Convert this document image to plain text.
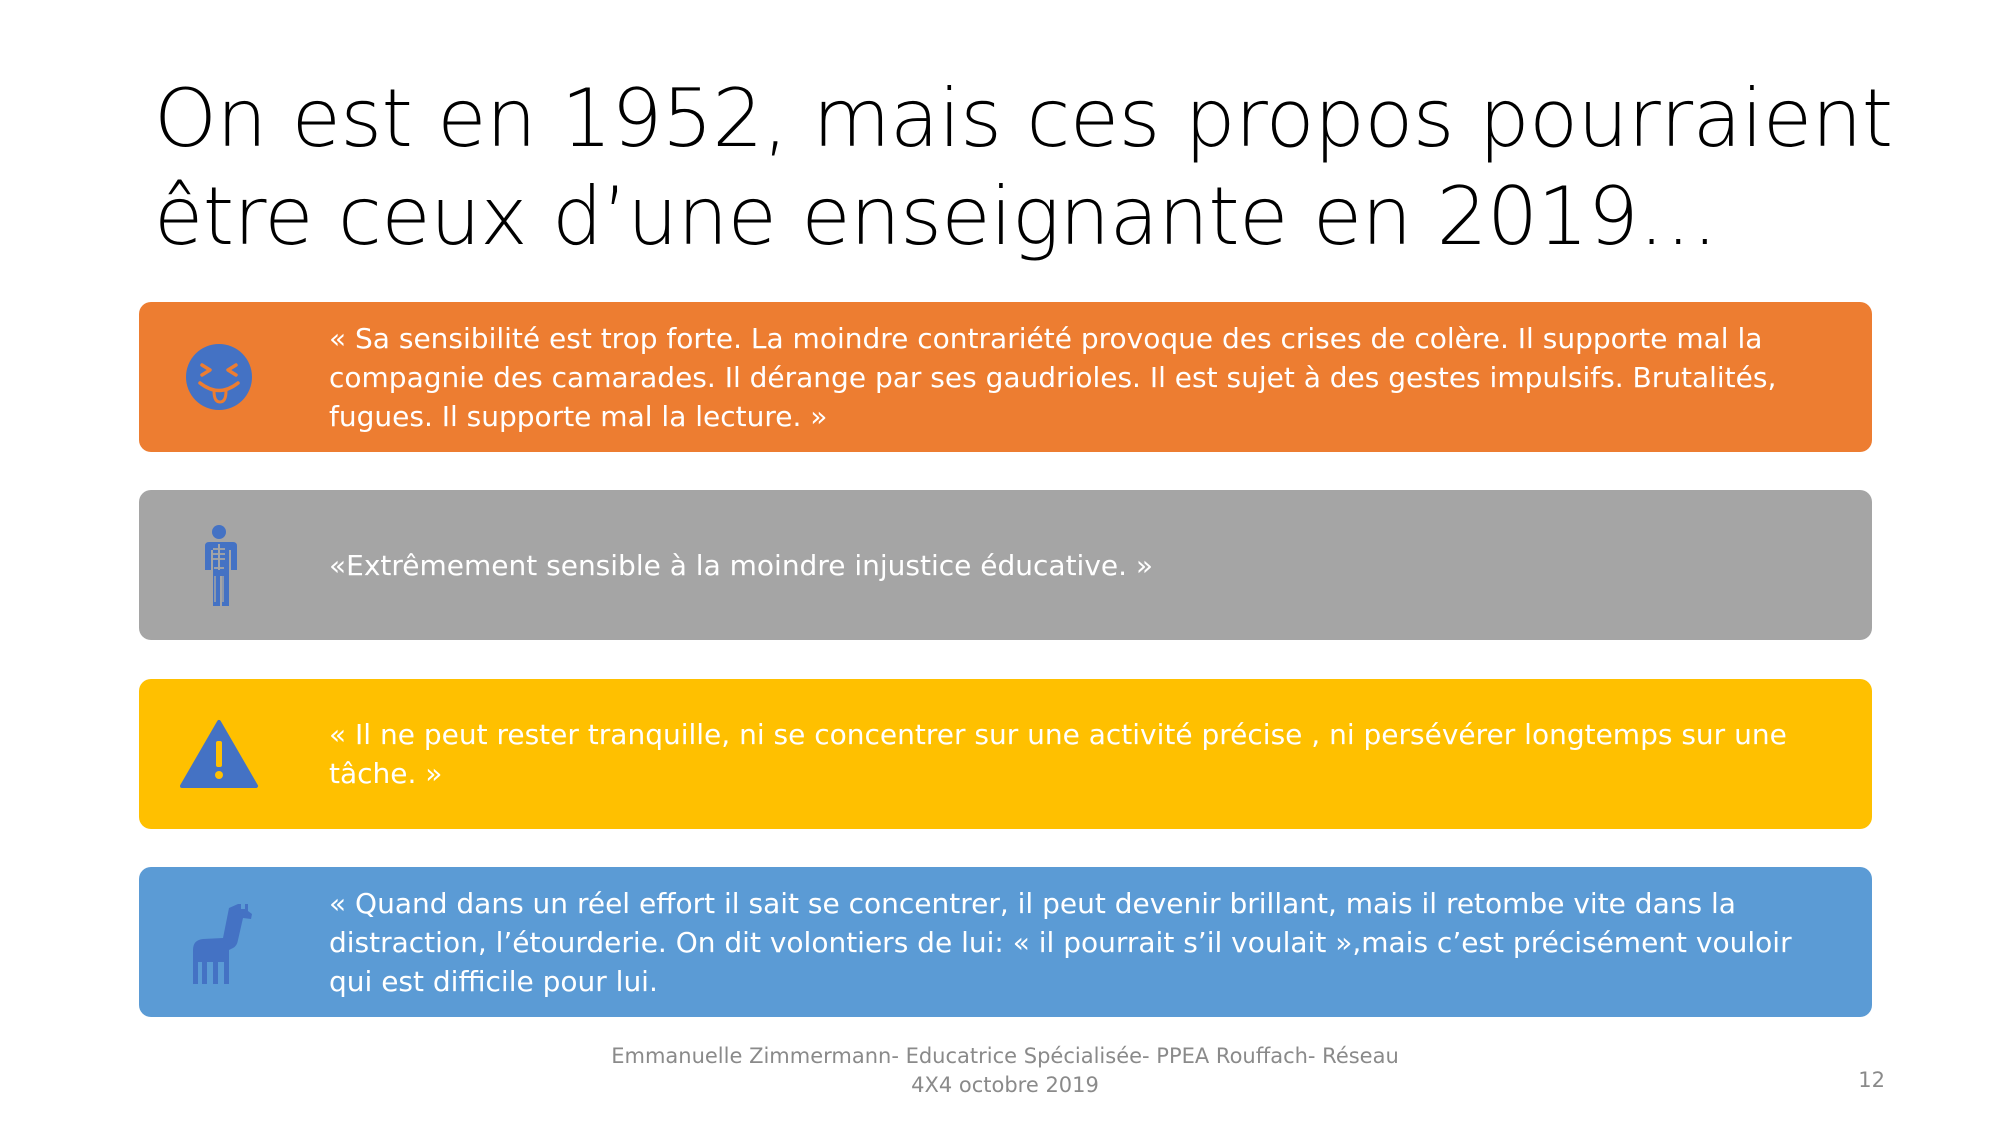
On est en 1952, mais ces propos pourraient
être ceux d’une enseignante en 2019…
« Sa sensibilité est trop forte. La moindre contrariété provoque des crises de colère. Il supporte mal la compagnie des camarades. Il dérange par ses gaudrioles. Il est sujet à des gestes impulsifs. Brutalités, fugues. Il supporte mal la lecture. »
«Extrêmement sensible à la moindre injustice éducative. »
« Il ne peut rester tranquille, ni se concentrer sur une activité précise , ni persévérer longtemps sur une tâche. »
« Quand dans un réel effort il sait se concentrer, il peut devenir brillant, mais il retombe vite dans la distraction, l’étourderie. On dit volontiers de lui: « il pourrait s’il voulait »,mais c’est précisément vouloir qui est difficile pour lui.
Emmanuelle Zimmermann- Educatrice Spécialisée- PPEA Rouffach- Réseau
4X4 octobre 2019	12
